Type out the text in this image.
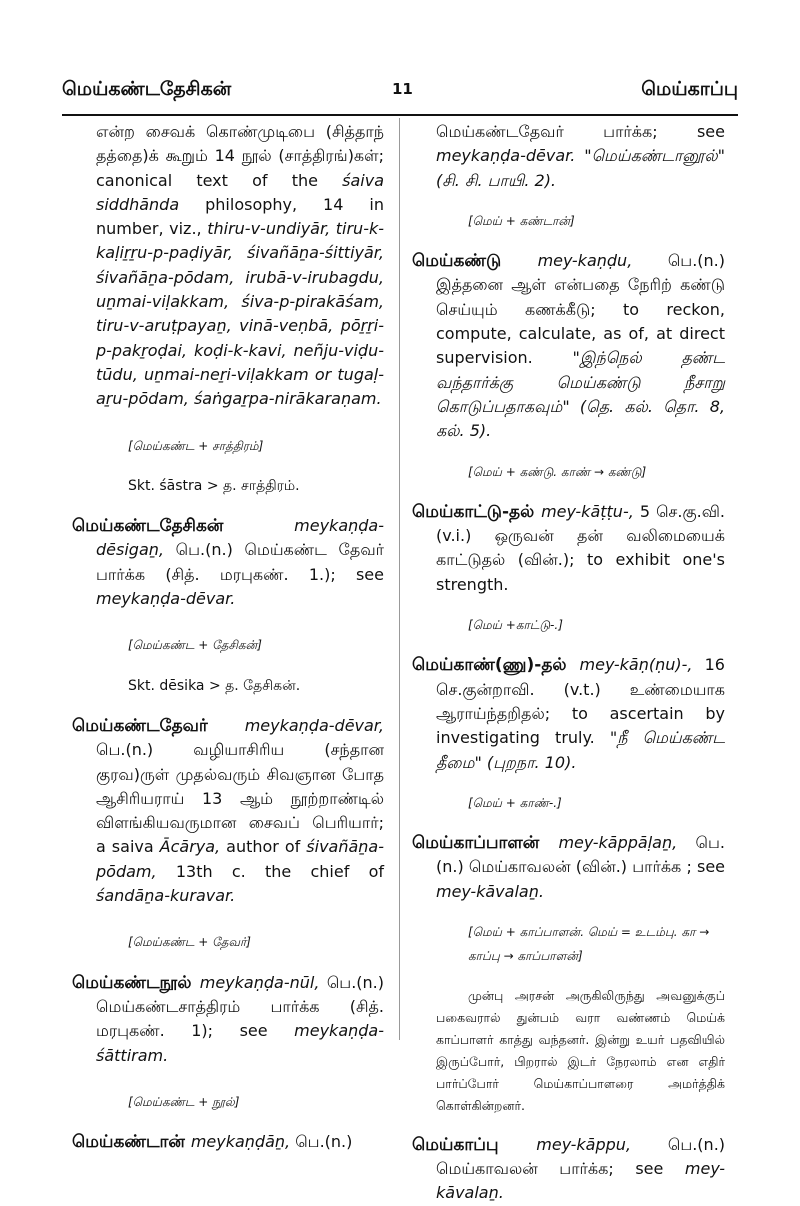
மெய்கண்டதேசிகன்	11	மெய்காப்பு

என்ற சைவக் கொண்முடிபை (சித்தாந் தத்தை)க் கூறும் 14 நூல் (சாத்திரங்)கள்; canonical text of the śaiva siddhānda philosophy, 14 in number, viz., thiru-v-undiyār, tiru-k-kaḷiṟṟu-p-paḍiyār, śivañāṉa-śittiyār, śivañāṉa-pōdam, irubā-v-irubagdu, uṉmai-viḷakkam, śiva-p-pirakāśam, tiru-v-aruṭpayaṉ, vinā-veṇbā, pōṟṟi-p-pakṟoḍai, koḍi-k-kavi, neñju-viḍu-tūdu, uṉmai-neṟi-viḷakkam or tugaḷ-aṟu-pōdam, śaṅgaṟpa-nirākaraṇam.

[மெய்கண்ட + சாத்திரம்]

Skt. śāstra > த. சாத்திரம்.

மெய்கண்டதேசிகன் meykaṇḍa-dēsigaṉ, பெ.(n.) மெய்கண்ட தேவர் பார்க்க (சித். மரபுகண். 1.); see meykaṇḍa-dēvar.

[மெய்கண்ட + தேசிகன்]

Skt. dēsika > த. தேசிகன்.

மெய்கண்டதேவர் meykaṇḍa-dēvar, பெ.(n.) வழியாசிரிய (சந்தான குரவ)ருள் முதல்வரும் சிவஞான போத ஆசிரியராய் 13 ஆம் நூற்றாண்டில் விளங்கியவருமான சைவப் பெரியார்; a saiva Ācārya, author of śivañāṉa-pōdam, 13th c. the chief of śandāṉa-kuravar.

[மெய்கண்ட + தேவர்]

மெய்கண்டநூல் meykaṇḍa-nūl, பெ.(n.) மெய்கண்டசாத்திரம் பார்க்க (சித். மரபுகண். 1); see meykaṇḍa-śāttiram.

[மெய்கண்ட + நூல்]

மெய்கண்டான் meykaṇḍāṉ, பெ.(n.)

மெய்கண்டதேவர் பார்க்க; see meykaṇḍa-dēvar. "மெய்கண்டானூல்" (சி. சி. பாயி. 2).

[மெய் + கண்டான்]

மெய்கண்டு mey-kaṇḍu, பெ.(n.) இத்தனை ஆள் என்பதை நேரிற் கண்டு செய்யும் கணக்கீடு; to reckon, compute, calculate, as of, at direct supervision. "இந்நெல் தண்ட வந்தார்க்கு மெய்கண்டு நீசாறு கொடுப்பதாகவும்" (தெ. கல். தொ. 8, கல். 5).

[மெய் + கண்டு. காண் → கண்டு]

மெய்காட்டு-தல் mey-kāṭṭu-, 5 செ.கு.வி. (v.i.) ஒருவன் தன் வலிமையைக் காட்டுதல் (வின்.); to exhibit one's strength.

[மெய் +காட்டு-.]

மெய்காண்(ணு)-தல் mey-kāṇ(ṇu)-, 16 செ.குன்றாவி. (v.t.) உண்மையாக ஆராய்ந்தறிதல்; to ascertain by investigating truly. "நீ மெய்கண்ட தீமை" (புறநா. 10).

[மெய் + காண்-.]

மெய்காப்பாளன் mey-kāppāḷaṉ, பெ.(n.) மெய்காவலன் (வின்.) பார்க்க ; see mey-kāvalaṉ.

[மெய் + காப்பாளன். மெய் = உடம்பு. கா → காப்பு → காப்பாளன்]

முன்பு அரசன் அருகிலிருந்து அவனுக்குப் பகைவரால் துன்பம் வரா வண்ணம் மெய்க் காப்பாளர் காத்து வந்தனர். இன்று உயர் பதவியில் இருப்போர், பிறரால் இடர் நேரலாம் என எதிர் பார்ப்போர் மெய்காப்பாளரை அமர்த்திக் கொள்கின்றனர்.

மெய்காப்பு mey-kāppu, பெ.(n.) மெய்காவலன் பார்க்க; see mey-kāvalaṉ.
